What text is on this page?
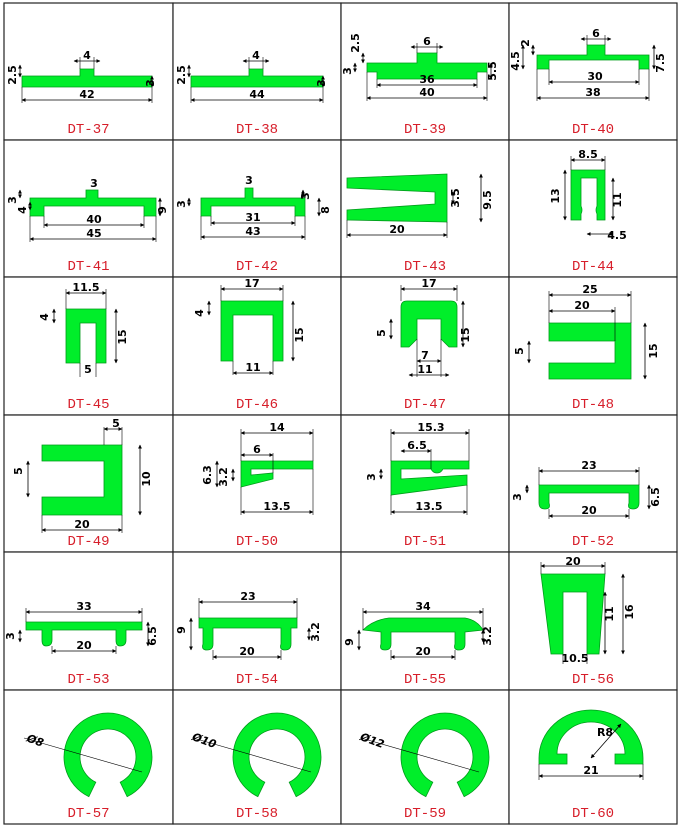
4
2.5	3
42
DT-37
4
2.5	3
44
DT-38
6
2.5
3
36	5.5
40
DT-39
6
2
4.5
30
7.5
38
DT-40
3
3
4
40
9
45
DT-41
3
3
3
31
8
43
DT-42
3.5 9.5
20
DT-43
8.5
13	11
4.5
DT-44
11.5
4
15
5
DT-45
17
4
15
11
DT-46
17
5	15
7
11
DT-47
25
20
5	15
DT-48
5
5
10
20
DT-49
14
6
6.3 3.2
13.5
DT-50
15.3
6.5
3
13.5
DT-51
23
3	6.5
20
DT-52
33
3	6.5
20
DT-53
23
9	3.2
20
DT-54
34
9	3.2
20
DT-55
20
11 16
10.5
DT-56
Ø8
DT-57
Ø10
DT-58
Ø12
DT-59
R8
21
DT-60
